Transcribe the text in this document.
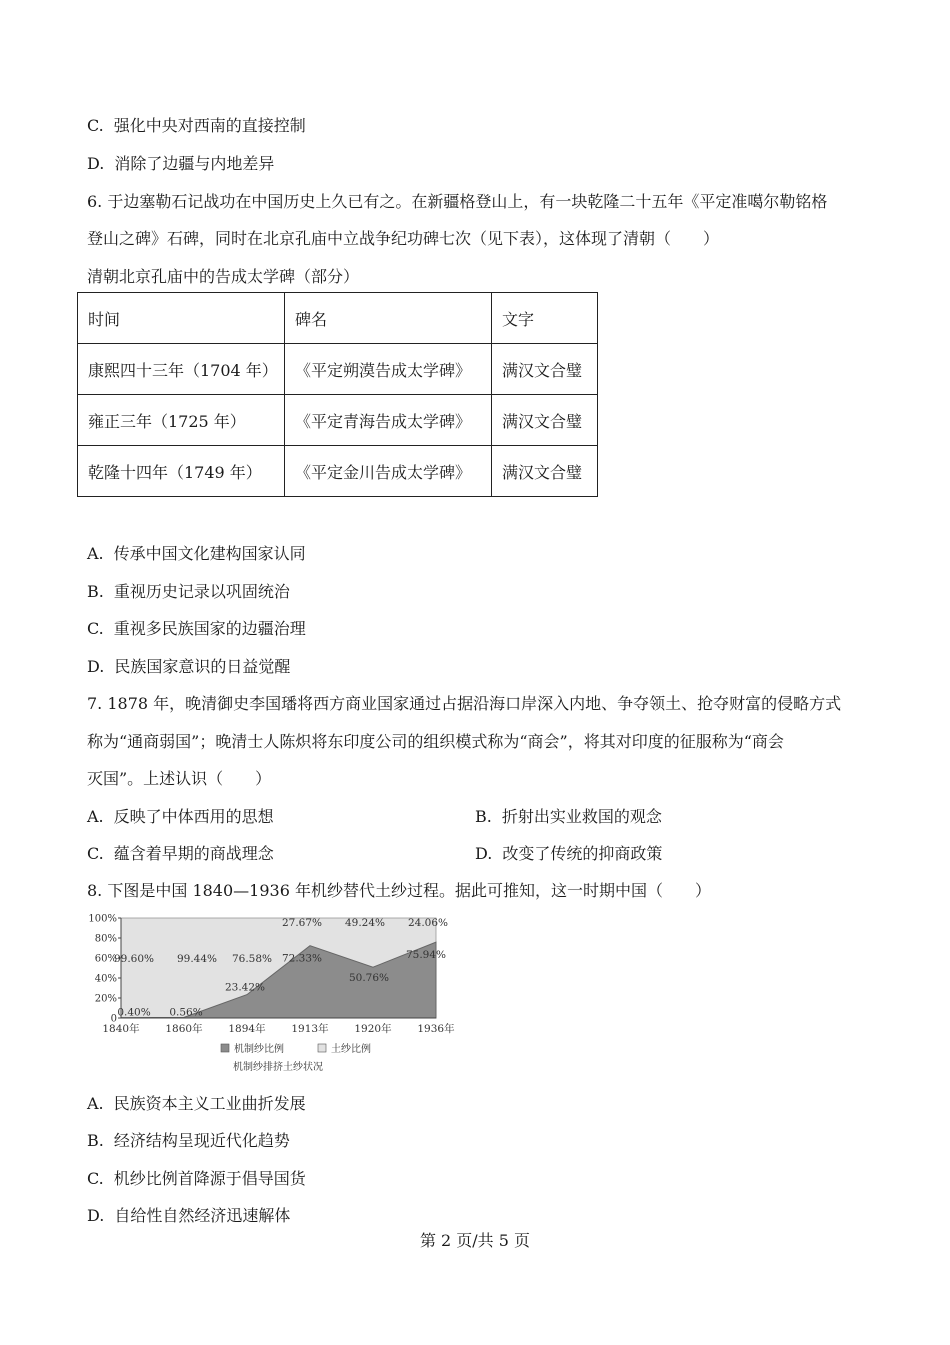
C. 强化中央对西南的直接控制
D. 消除了边疆与内地差异
6. 于边塞勒石记战功在中国历史上久已有之。在新疆格登山上，有一块乾隆二十五年《平定准噶尔勒铭格
登山之碑》石碑，同时在北京孔庙中立战争纪功碑七次（见下表），这体现了清朝（　　）
清朝北京孔庙中的告成太学碑（部分）
时间	碑名	文字
康熙四十三年（1704 年）	《平定朔漠告成太学碑》	满汉文合璧
雍正三年（1725 年）	《平定青海告成太学碑》	满汉文合璧
乾隆十四年（1749 年）	《平定金川告成太学碑》	满汉文合璧
A. 传承中国文化建构国家认同
B. 重视历史记录以巩固统治
C. 重视多民族国家的边疆治理
D. 民族国家意识的日益觉醒
7. 1878 年，晚清御史李国璠将西方商业国家通过占据沿海口岸深入内地、争夺领土、抢夺财富的侵略方式
称为“通商弱国”；晚清士人陈炽将东印度公司的组织模式称为“商会”，将其对印度的征服称为“商会
灭国”。上述认识（　　）
A. 反映了中体西用的思想	B. 折射出实业救国的观念
C. 蕴含着早期的商战理念	D. 改变了传统的抑商政策
8. 下图是中国 1840—1936 年机纱替代土纱过程。据此可推知，这一时期中国（　　）
0
20%
40%
60%
80%
100%
1840年 1860年 1894年 1913年 1920年 1936年
99.60% 99.44% 76.58%
27.67% 49.24% 24.06%
0.40% 0.56%
23.42%
72.33%
50.76%
75.94%
机制纱比例	土纱比例
机制纱排挤土纱状况
A. 民族资本主义工业曲折发展
B. 经济结构呈现近代化趋势
C. 机纱比例首降源于倡导国货
D. 自给性自然经济迅速解体
第 2 页/共 5 页
